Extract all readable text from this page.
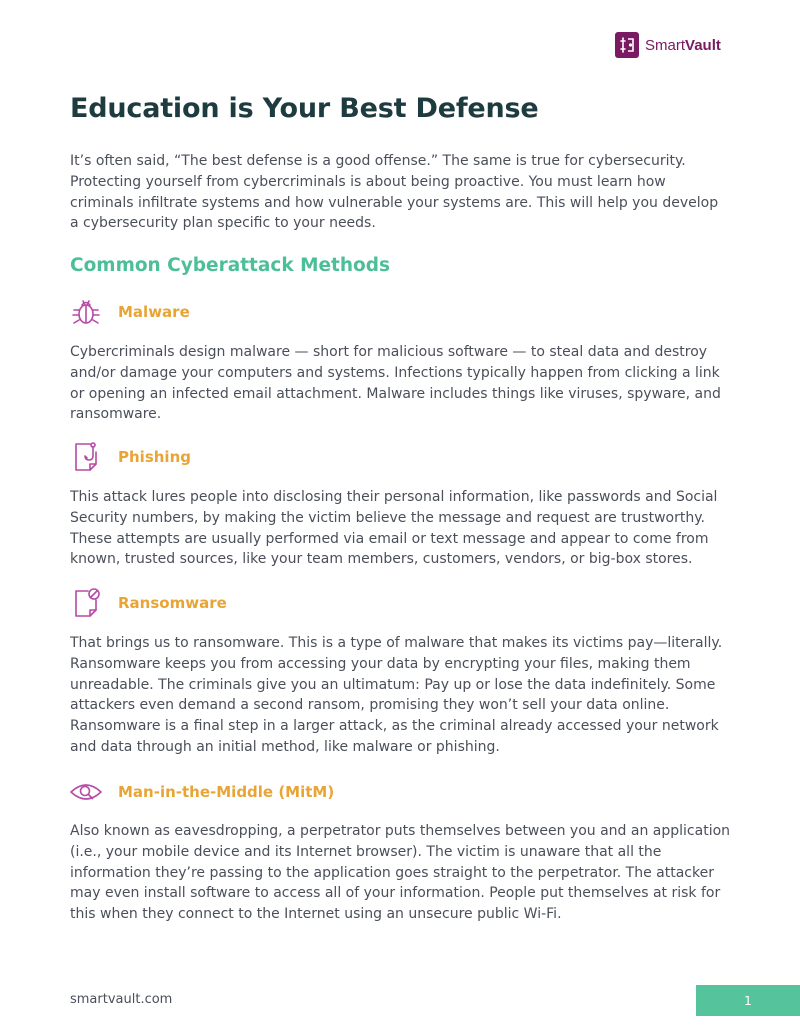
SmartVault
Education is Your Best Defense

It’s often said, “The best defense is a good offense.” The same is true for cybersecurity. Protecting yourself from cybercriminals is about being proactive. You must learn how criminals infiltrate systems and how vulnerable your systems are. This will help you develop a cybersecurity plan specific to your needs.

Common Cyberattack Methods
Malware

Cybercriminals design malware — short for malicious software — to steal data and destroy and/or damage your computers and systems. Infections typically happen from clicking a link or opening an infected email attachment. Malware includes things like viruses, spyware, and ransomware.

Phishing

This attack lures people into disclosing their personal information, like passwords and Social Security numbers, by making the victim believe the message and request are trustworthy. These attempts are usually performed via email or text message and appear to come from known, trusted sources, like your team members, customers, vendors, or big-box stores.

Ransomware

That brings us to ransomware. This is a type of malware that makes its victims pay—literally. Ransomware keeps you from accessing your data by encrypting your files, making them unreadable. The criminals give you an ultimatum: Pay up or lose the data indefinitely. Some attackers even demand a second ransom, promising they won’t sell your data online. Ransomware is a final step in a larger attack, as the criminal already accessed your network and data through an initial method, like malware or phishing.

Man-in-the-Middle (MitM)

Also known as eavesdropping, a perpetrator puts themselves between you and an application (i.e., your mobile device and its Internet browser). The victim is unaware that all the information they’re passing to the application goes straight to the perpetrator. The attacker may even install software to access all of your information. People put themselves at risk for this when they connect to the Internet using an unsecure public Wi-Fi.

smartvault.com	1
